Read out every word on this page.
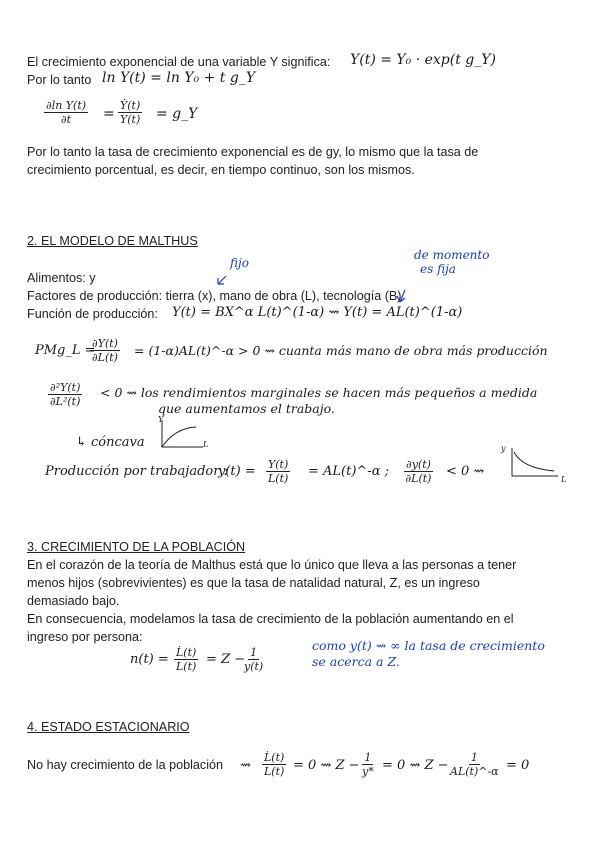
El crecimiento exponencial de una variable Y significa: Y(t) = Y₀ · exp(t g_Y)
Por lo tanto ln Y(t) = ln Y₀ + t g_Y
$\frac{\text{∂ln Y(t)}}{\partial t} = \frac{\text{Ẏ(t)}}{Y(t)}$ = g_Y
Por lo tanto la tasa de crecimiento exponencial es de gy, lo mismo que la tasa de
crecimiento porcentual, es decir, en tiempo continuo, son los mismos.
2. EL MODELO DE MALTHUS
fijo
de momento
es fija
Alimentos: y
Factores de producción: tierra (x), mano de obra (L), tecnología (B).
Función de producción: Y(t) = BX^α L(t)^(1-α) ⇝ Y(t) = AL(t)^(1-α)
PMg_L =
$\frac{\partial Y(t)}{\partial L(t)}$ = (1-α)AL(t)^-α > 0 ⇝ cuanta más mano de obra más producción
$\frac{\text{∂²Y(t)}}{\text{∂L²(t)}} < 0$ ⇝ los rendimientos marginales se hacen más pequeños a medida
que aumentamos el trabajo.
↳ cóncava
Y
L
Producción por trabajador :
$y(t) = \frac{Y(t)}{L(t)}$ = AL(t)^-α ; $\frac{\partial y(t)}{\partial L(t)} < 0$ ⇝
y
L
3. CRECIMIENTO DE LA POBLACIÓN
En el corazón de la teoría de Malthus está que lo único que lleva a las personas a tener
menos hijos (sobrevivientes) es que la tasa de natalidad natural, Z, es un ingreso
demasiado bajo.
En consecuencia, modelamos la tasa de crecimiento de la población aumentando en el
ingreso por persona:
$n(t) = \frac{L̇(t)}{L(t)} = Z$ −
$\frac{1}{y(t)}$
como y(t) ⇝ ∞ la tasa de crecimiento
se acerca a Z.
4. ESTADO ESTACIONARIO
No hay crecimiento de la población ⇝ $\frac{L̇(t)}{L(t)} = 0$ ⇝ $Z - \frac{1}{y*} = 0$ ⇝ $Z - \frac{1}{AL(t)\^{}-\alpha} = 0$
